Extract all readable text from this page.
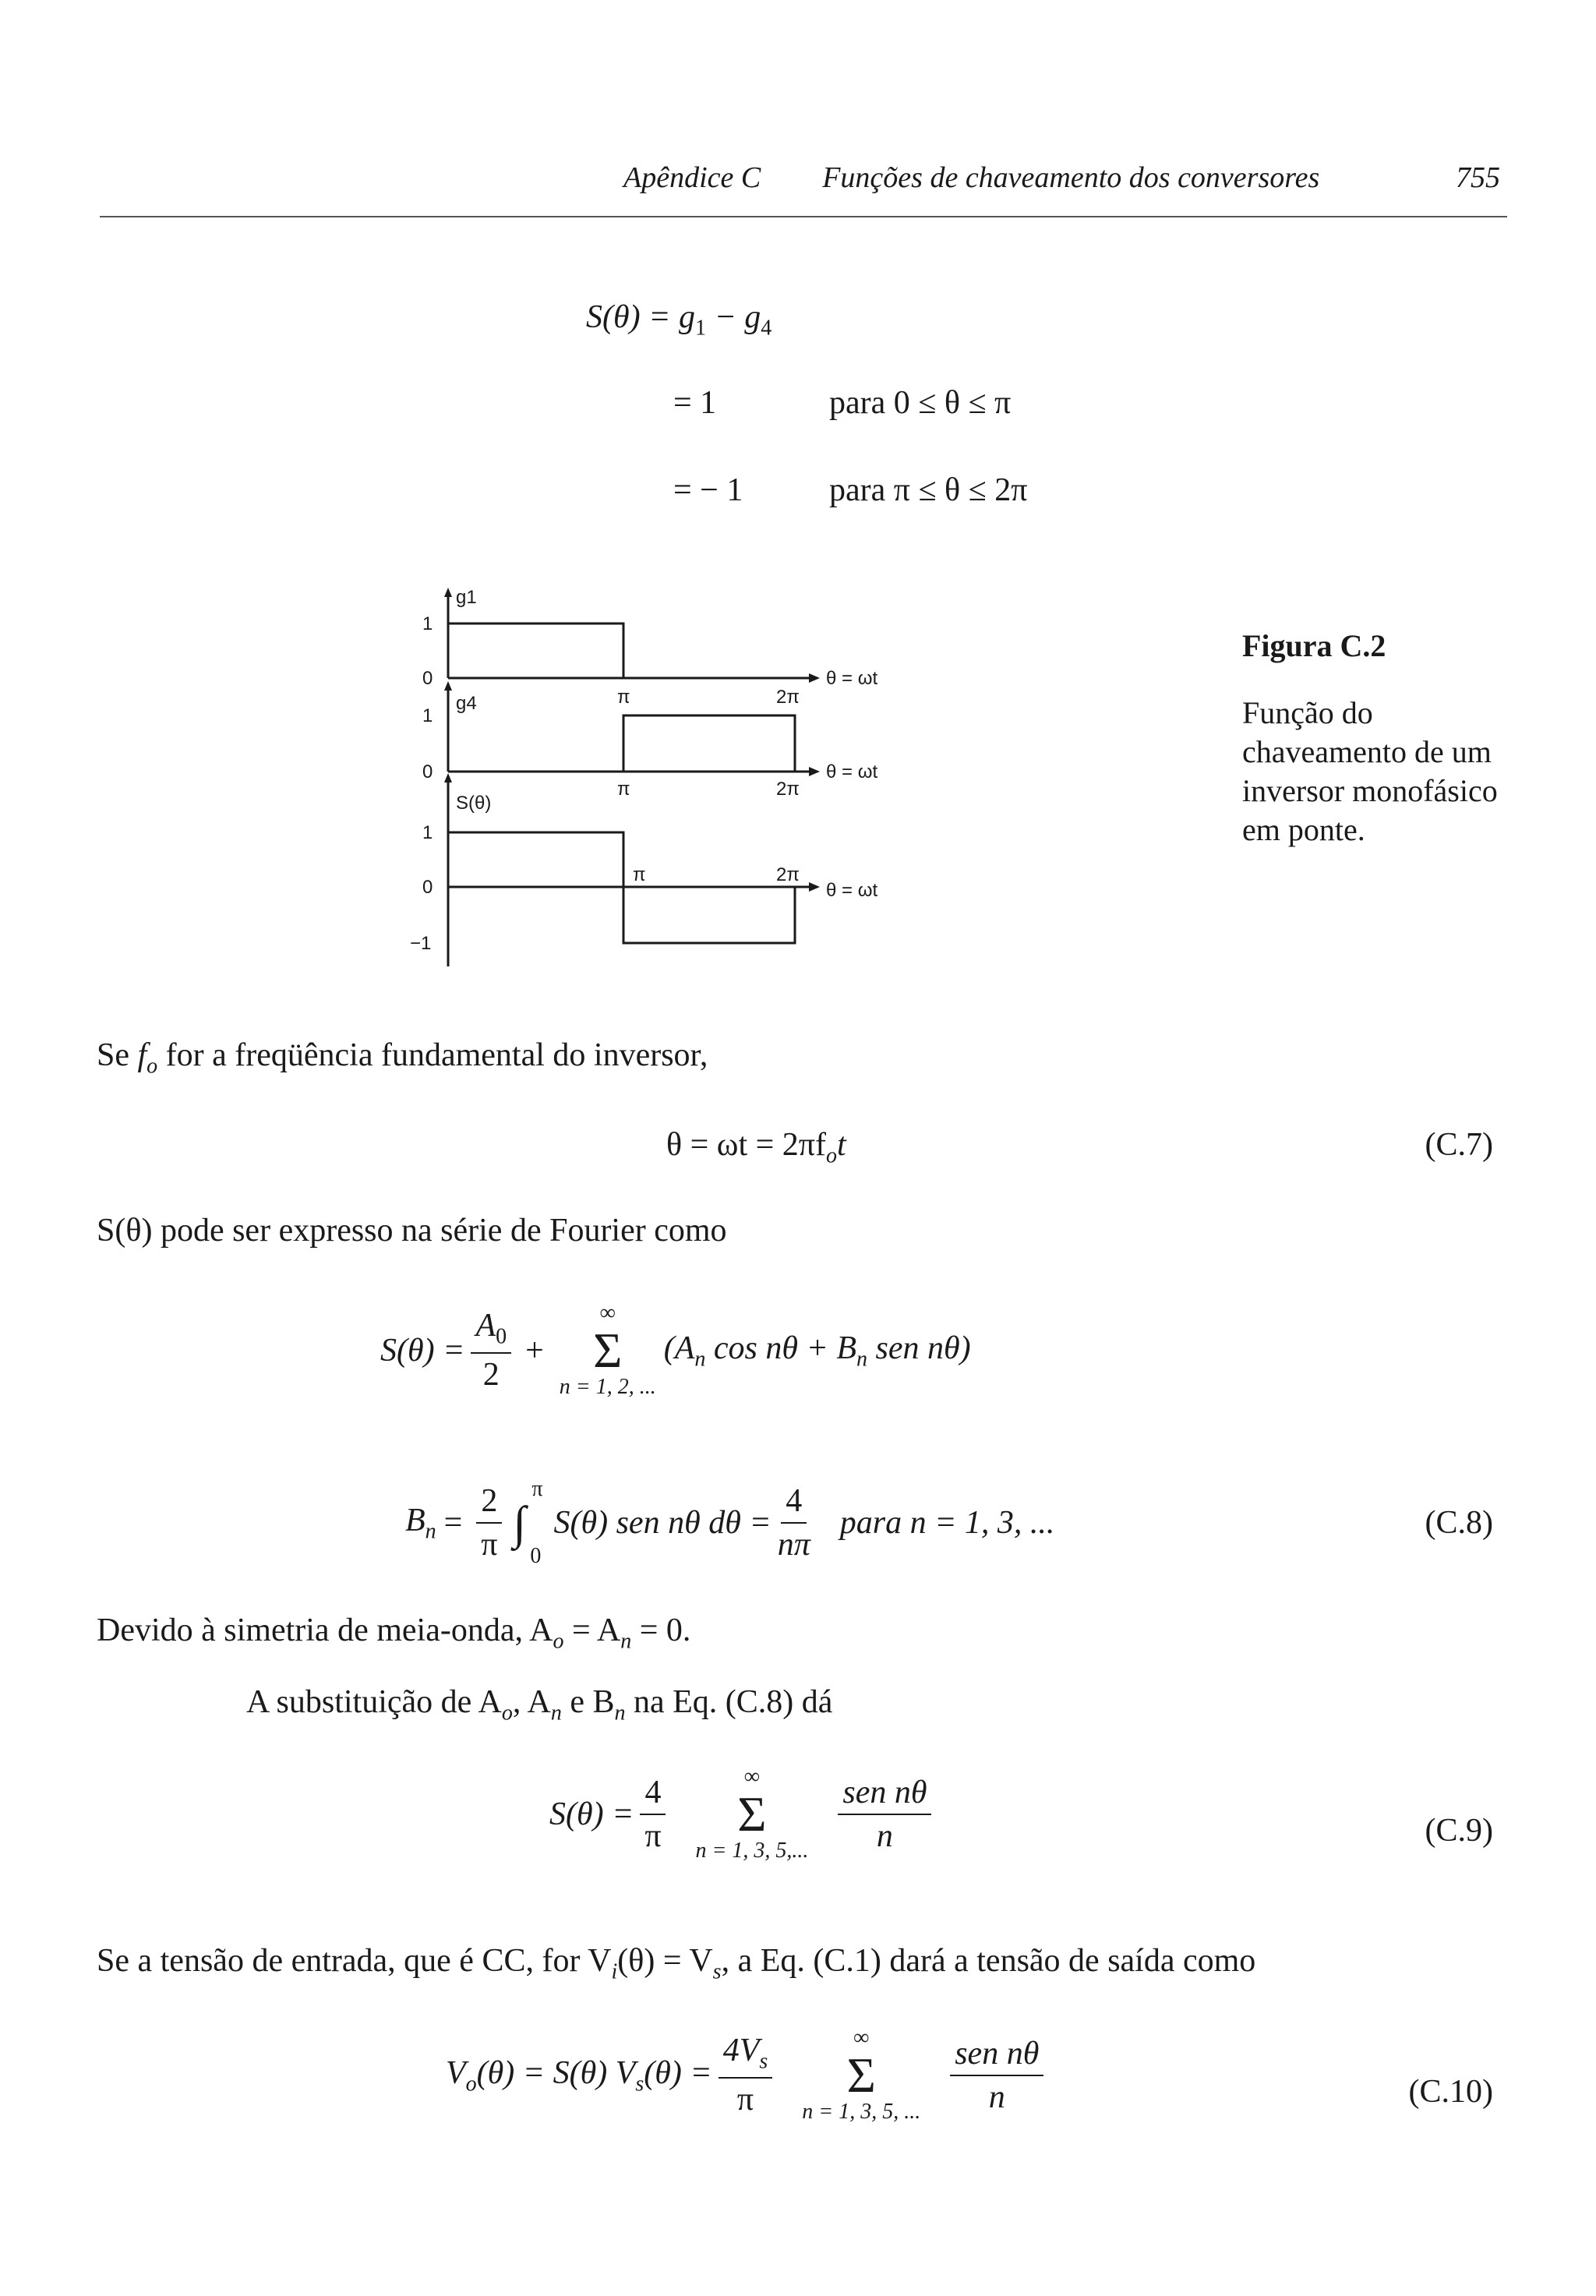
Apêndice C Funções de chaveamento dos conversores	755
$S(\theta) = g_1 - g_4$
= 1	para 0 ≤ θ ≤ π
= − 1	para π ≤ θ ≤ 2π
g1
1
0
π	2π
θ = ωt
g4
1
0
π	2π
θ = ωt
S(θ)
1
0
−1
π	2π
θ = ωt
Figura C.2
Função do chaveamento de um inversor monofásico em ponte.
Se $f_o$ for a freqüência fundamental do inversor,
$\theta = \omega t = 2\pi f_ot$	(C.7)
S(θ) pode ser expresso na série de Fourier como
$S(\theta) = \frac{A_0}{2}$ +
∞
Σ
n = 1, 2, ...
($A_n$ $\cos n\theta + B_n$ sen nθ)
$B_n = \frac{2}{\pi}$ π
∫
0
S(θ) sen nθ $d\theta = \frac{4}{n\pi}$ para n = 1, 3, ...	(C.8)
Devido à simetria de meia-onda, $A_o = A_n = 0$.
A substituição de $A_o$, $A_n$ e $B_n$ na Eq. (C.8) dá
$S(\theta) = \frac{4}{\pi}$	∞
Σ
n = 1, 3, 5,... $\frac{\text{sen nθ}}{n}$	(C.9)
Se a tensão de entrada, que é CC, for $V_i(\theta) = V_s$, a Eq. (C.1) dará a tensão de saída como
$V_o(\theta) = S(\theta) V_s(\theta) = \frac{4V_s}{\pi}$	∞
Σ
n = 1, 3, 5, ... $\frac{\text{sen nθ}}{n}$	(C.10)
